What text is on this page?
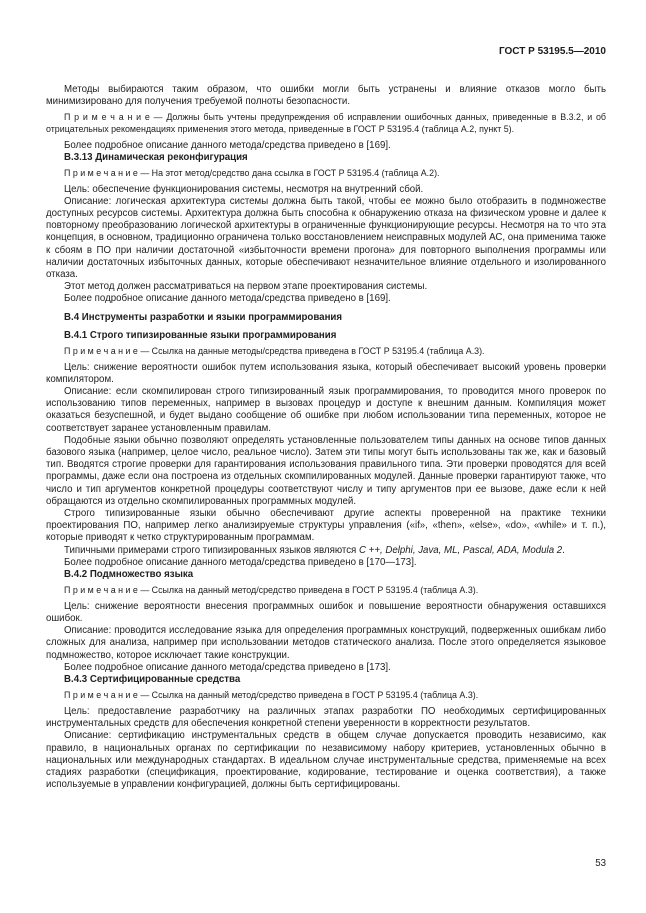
ГОСТ Р 53195.5—2010

Методы выбираются таким образом, что ошибки могли быть устранены и влияние отказов могло быть минимизировано для получения требуемой полноты безопасности.

П р и м е ч а н и е — Должны быть учтены предупреждения об исправлении ошибочных данных, приведенные в В.3.2, и об отрицательных рекомендациях применения этого метода, приведенные в ГОСТ Р 53195.4 (таблица А.2, пункт 5).

Более подробное описание данного метода/средства приведено в [169].

В.3.13 Динамическая реконфигурация

П р и м е ч а н и е — На этот метод/средство дана ссылка в ГОСТ Р 53195.4 (таблица А.2).

Цель: обеспечение функционирования системы, несмотря на внутренний сбой.

Описание: логическая архитектура системы должна быть такой, чтобы ее можно было отобразить в подмножестве доступных ресурсов системы. Архитектура должна быть способна к обнаружению отказа на физическом уровне и далее к повторному преобразованию логической архитектуры в ограниченные функционирующие ресурсы. Несмотря на то что эта концепция, в основном, традиционно ограничена только восстановлением неисправных модулей АС, она применима также к сбоям в ПО при наличии достаточной «избыточности времени прогона» для повторного выполнения программы или наличии достаточных избыточных данных, которые обеспечивают незначительное влияние отдельного и изолированного отказа.

Этот метод должен рассматриваться на первом этапе проектирования системы.

Более подробное описание данного метода/средства приведено в [169].

В.4 Инструменты разработки и языки программирования

В.4.1 Строго типизированные языки программирования

П р и м е ч а н и е — Ссылка на данные методы/средства приведена в ГОСТ Р 53195.4 (таблица А.3).

Цель: снижение вероятности ошибок путем использования языка, который обеспечивает высокий уровень проверки компилятором.

Описание: если скомпилирован строго типизированный язык программирования, то проводится много проверок по использованию типов переменных, например в вызовах процедур и доступе к внешним данным. Компиляция может оказаться безуспешной, и будет выдано сообщение об ошибке при любом использовании типа переменных, которое не соответствует заранее установленным правилам.

Подобные языки обычно позволяют определять установленные пользователем типы данных на основе типов данных базового языка (например, целое число, реальное число). Затем эти типы могут быть использованы так же, как и базовый тип. Вводятся строгие проверки для гарантирования использования правильного типа. Эти проверки проводятся для всей программы, даже если она построена из отдельных скомпилированных модулей. Данные проверки гарантируют также, что число и тип аргументов конкретной процедуры соответствуют числу и типу аргументов при ее вызове, даже если к ней обращаются из отдельно скомпилированных программных модулей.

Строго типизированные языки обычно обеспечивают другие аспекты проверенной на практике техники проектирования ПО, например легко анализируемые структуры управления («if», «then», «else», «do», «while» и т. п.), которые приводят к четко структурированным программам.

Типичными примерами строго типизированных языков являются C ++, Delphi, Java, ML, Pascal, ADA, Modula 2.

Более подробное описание данного метода/средства приведено в [170—173].

В.4.2 Подмножество языка

П р и м е ч а н и е — Ссылка на данный метод/средство приведена в ГОСТ Р 53195.4 (таблица А.3).

Цель: снижение вероятности внесения программных ошибок и повышение вероятности обнаружения оставшихся ошибок.

Описание: проводится исследование языка для определения программных конструкций, подверженных ошибкам либо сложных для анализа, например при использовании методов статического анализа. После этого определяется языковое подмножество, которое исключает такие конструкции.

Более подробное описание данного метода/средства приведено в [173].

В.4.3 Сертифицированные средства

П р и м е ч а н и е — Ссылка на данный метод/средство приведена в ГОСТ Р 53195.4 (таблица А.3).

Цель: предоставление разработчику на различных этапах разработки ПО необходимых сертифицированных инструментальных средств для обеспечения конкретной степени уверенности в корректности результатов.

Описание: сертификацию инструментальных средств в общем случае допускается проводить независимо, как правило, в национальных органах по сертификации по независимому набору критериев, установленных обычно в национальных или международных стандартах. В идеальном случае инструментальные средства, применяемые на всех стадиях разработки (спецификация, проектирование, кодирование, тестирование и оценка соответствия), а также используемые в управлении конфигурацией, должны быть сертифицированы.

53
